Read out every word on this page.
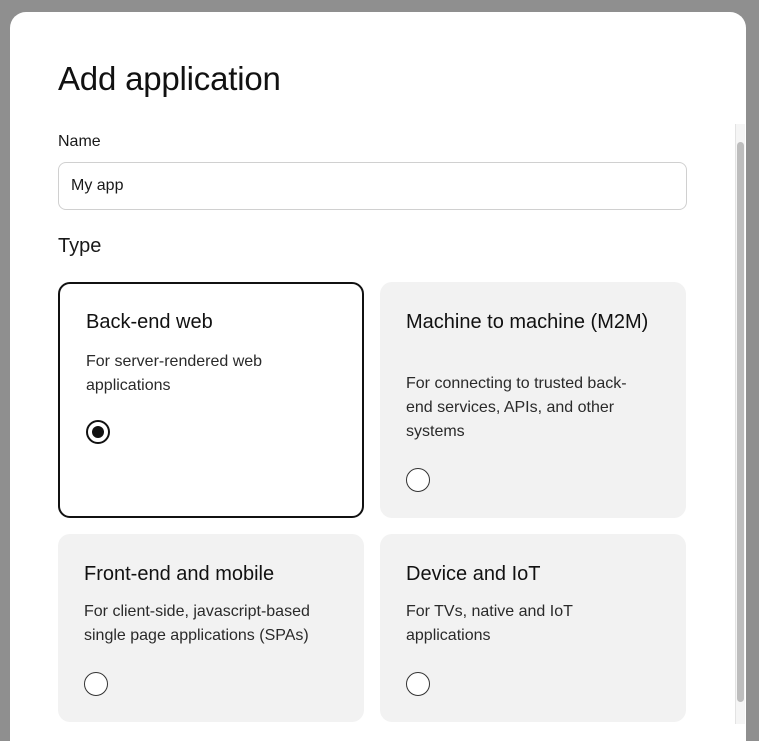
Add application
Name
My app
Type
Back-end web
For server-rendered web applications
Machine to machine (M2M)
For connecting to trusted back-end services, APIs, and other systems
Front-end and mobile
For client-side, javascript-based single page applications (SPAs)
Device and IoT
For TVs, native and IoT applications
